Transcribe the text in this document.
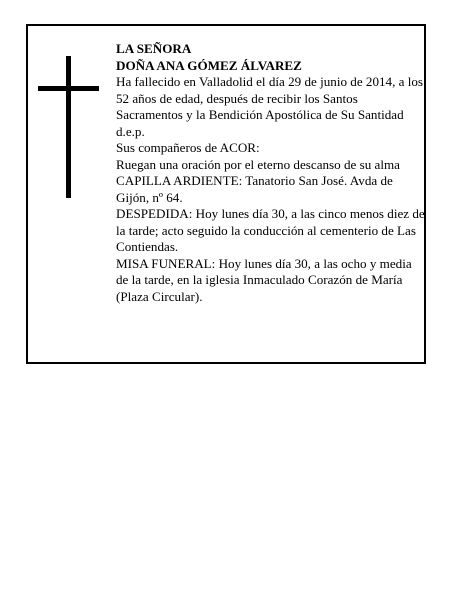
LA SEÑORA

DOÑA ANA GÓMEZ ÁLVAREZ

Ha fallecido en Valladolid el día 29 de junio de 2014, a los 52 años de edad, después de recibir los Santos Sacramentos y la Bendición Apostólica de Su Santidad d.e.p.

Sus compañeros de ACOR:

Ruegan una oración por el eterno descanso de su alma

CAPILLA ARDIENTE: Tanatorio San José. Avda de Gijón, nº 64.

DESPEDIDA: Hoy lunes día 30, a las cinco menos diez de la tarde; acto seguido la conducción al cementerio de Las Contiendas.

MISA FUNERAL: Hoy lunes día 30, a las ocho y media de la tarde, en la iglesia Inmaculado Corazón de María (Plaza Circular).
